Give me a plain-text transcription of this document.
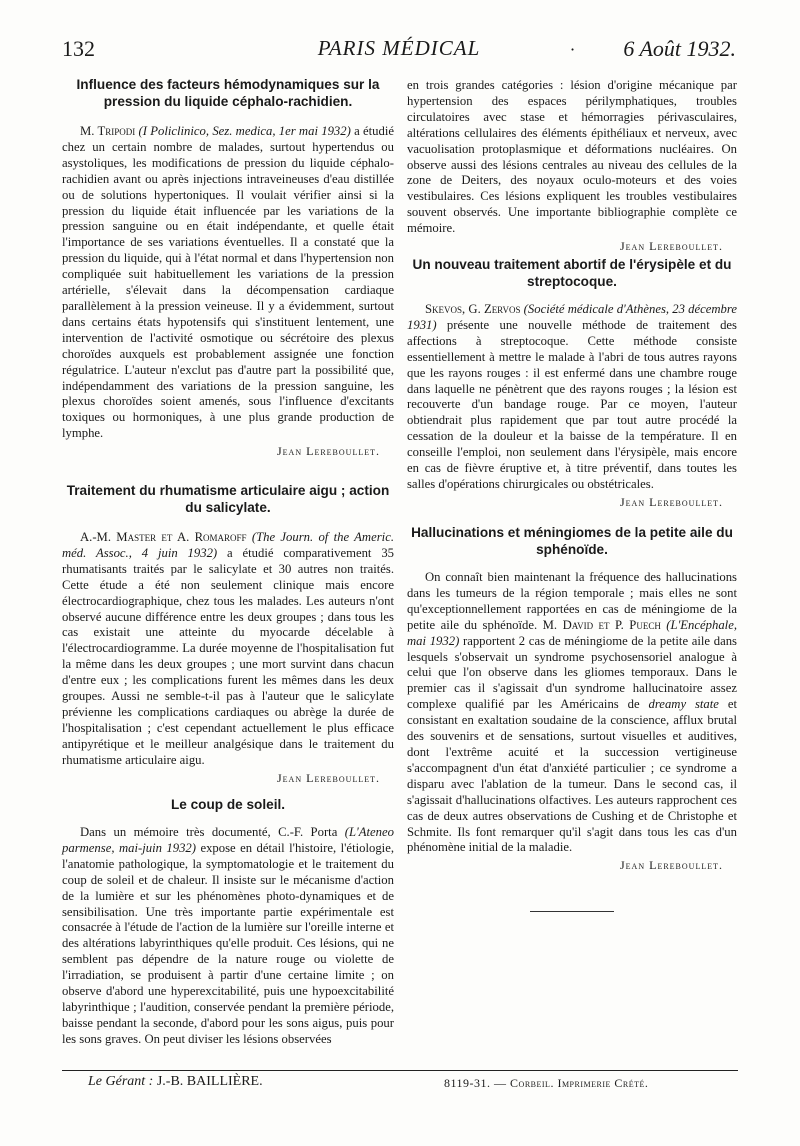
132	PARIS MÉDICAL	· 6 Août 1932.
Influence des facteurs hémodynamiques sur la pression du liquide céphalo-rachidien.

M. Tripodi (I Policlinico, Sez. medica, 1er mai 1932) a étudié chez un certain nombre de malades, surtout hypertendus ou asystoliques, les modifications de pression du liquide céphalo-rachidien avant ou après injections intraveineuses d'eau distillée ou de solutions hypertoniques. Il voulait vérifier ainsi si la pression du liquide était influencée par les variations de la pression sanguine ou en était indépendante, et quelle était l'importance de ses variations éventuelles. Il a constaté que la pression du liquide, qui à l'état normal et dans l'hypertension non compliquée suit habituellement les variations de la pression artérielle, s'élevait dans la décompensation cardiaque parallèlement à la pression veineuse. Il y a évidemment, surtout dans certains états hypotensifs qui s'instituent lentement, une intervention de l'activité osmotique ou sécrétoire des plexus choroïdes auxquels est probablement assignée une fonction régulatrice. L'auteur n'exclut pas d'autre part la possibilité que, indépendamment des variations de la pression sanguine, les plexus choroïdes soient amenés, sous l'influence d'excitants toxiques ou hormoniques, à une plus grande production de lymphe.

Jean Lereboullet.

Traitement du rhumatisme articulaire aigu ; action du salicylate.

A.-M. Master et A. Romaroff (The Journ. of the Americ. méd. Assoc., 4 juin 1932) a étudié comparativement 35 rhumatisants traités par le salicylate et 30 autres non traités. Cette étude a été non seulement clinique mais encore électrocardiographique, chez tous les malades. Les auteurs n'ont observé aucune différence entre les deux groupes ; dans tous les cas existait une atteinte du myocarde décelable à l'électrocardiogramme. La durée moyenne de l'hospitalisation fut la même dans les deux groupes ; une mort survint dans chacun d'entre eux ; les complications furent les mêmes dans les deux groupes. Aussi ne semble-t-il pas à l'auteur que le salicylate prévienne les complications cardiaques ou abrège la durée de l'hospitalisation ; c'est cependant actuellement le plus efficace antipyrétique et le meilleur analgésique dans le traitement du rhumatisme articulaire aigu.

Jean Lereboullet.

Le coup de soleil.

Dans un mémoire très documenté, C.-F. Porta (L'Ateneo parmense, mai-juin 1932) expose en détail l'histoire, l'étiologie, l'anatomie pathologique, la symptomatologie et le traitement du coup de soleil et de chaleur. Il insiste sur le mécanisme d'action de la lumière et sur les phénomènes photo-dynamiques et de sensibilisation. Une très importante partie expérimentale est consacrée à l'étude de l'action de la lumière sur l'oreille interne et des altérations labyrinthiques qu'elle produit. Ces lésions, qui ne semblent pas dépendre de la nature rouge ou violette de l'irradiation, se produisent à partir d'une certaine limite ; on observe d'abord une hyperexcitabilité, puis une hypoexcitabilité labyrinthique ; l'audition, conservée pendant la première période, baisse pendant la seconde, d'abord pour les sons aigus, puis pour les sons graves. On peut diviser les lésions observées

en trois grandes catégories : lésion d'origine mécanique par hypertension des espaces périlymphatiques, troubles circulatoires avec stase et hémorragies périvasculaires, altérations cellulaires des éléments épithéliaux et nerveux, avec vacuolisation protoplasmique et déformations nucléaires. On observe aussi des lésions centrales au niveau des cellules de la zone de Deiters, des noyaux oculo-moteurs et des voies vestibulaires. Ces lésions expliquent les troubles vestibulaires souvent observés. Une importante bibliographie complète ce mémoire.

Jean Lereboullet.

Un nouveau traitement abortif de l'érysipèle et du streptocoque.

Skevos, G. Zervos (Société médicale d'Athènes, 23 décembre 1931) présente une nouvelle méthode de traitement des affections à streptocoque. Cette méthode consiste essentiellement à mettre le malade à l'abri de tous autres rayons que les rayons rouges : il est enfermé dans une chambre rouge dans laquelle ne pénètrent que des rayons rouges ; la lésion est recouverte d'un bandage rouge. Par ce moyen, l'auteur obtiendrait plus rapidement que par tout autre procédé la cessation de la douleur et la baisse de la température. Il en conseille l'emploi, non seulement dans l'érysipèle, mais encore en cas de fièvre éruptive et, à titre préventif, dans toutes les salles d'opérations chirurgicales ou obstétricales.

Jean Lereboullet.

Hallucinations et méningiomes de la petite aile du sphénoïde.

On connaît bien maintenant la fréquence des hallucinations dans les tumeurs de la région temporale ; mais elles ne sont qu'exceptionnellement rapportées en cas de méningiome de la petite aile du sphénoïde. M. David et P. Puech (L'Encéphale, mai 1932) rapportent 2 cas de méningiome de la petite aile dans lesquels s'observait un syndrome psychosensoriel analogue à celui que l'on observe dans les gliomes temporaux. Dans le premier cas il s'agissait d'un syndrome hallucinatoire assez complexe qualifié par les Américains de dreamy state et consistant en exaltation soudaine de la conscience, afflux brutal des souvenirs et de sensations, surtout visuelles et auditives, dont l'extrême acuité et la succession vertigineuse s'accompagnent d'un état d'anxiété particulier ; ce syndrome a disparu avec l'ablation de la tumeur. Dans le second cas, il s'agissait d'hallucinations olfactives. Les auteurs rapprochent ces cas de deux autres observations de Cushing et de Christophe et Schmite. Ils font remarquer qu'il s'agit dans tous les cas d'un phénomène initial de la maladie.

Jean Lereboullet.

Le Gérant : J.-B. BAILLIÈRE.	8119-31. — Corbeil. Imprimerie Crété.
